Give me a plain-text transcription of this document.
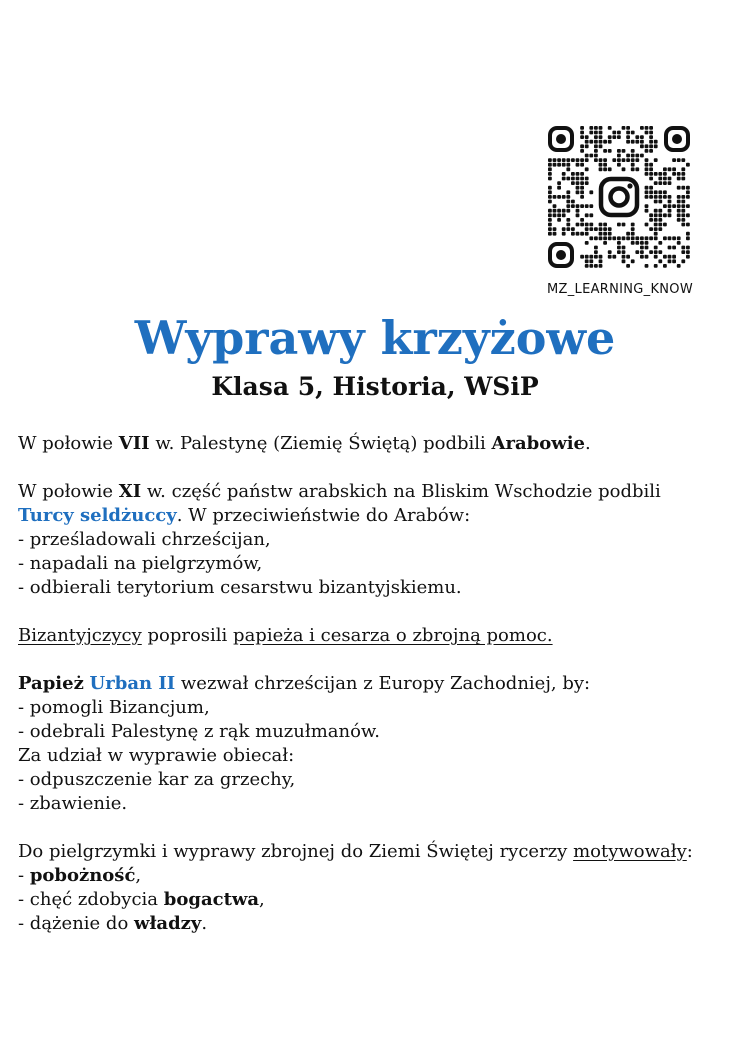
MZ_LEARNING_KNOW
Wyprawy krzyżowe
Klasa 5, Historia, WSiP

W połowie VII w. Palestynę (Ziemię Świętą) podbili Arabowie.

W połowie XI w. część państw arabskich na Bliskim Wschodzie podbili
Turcy seldżuccy. W przeciwieństwie do Arabów:
- prześladowali chrześcijan,
- napadali na pielgrzymów,
- odbierali terytorium cesarstwu bizantyjskiemu.

Bizantyjczycy poprosili papieża i cesarza o zbrojną pomoc.

Papież Urban II wezwał chrześcijan z Europy Zachodniej, by:
- pomogli Bizancjum,
- odebrali Palestynę z rąk muzułmanów.
Za udział w wyprawie obiecał:
- odpuszczenie kar za grzechy,
- zbawienie.

Do pielgrzymki i wyprawy zbrojnej do Ziemi Świętej rycerzy motywowały:
- pobożność,
- chęć zdobycia bogactwa,
- dążenie do władzy.
